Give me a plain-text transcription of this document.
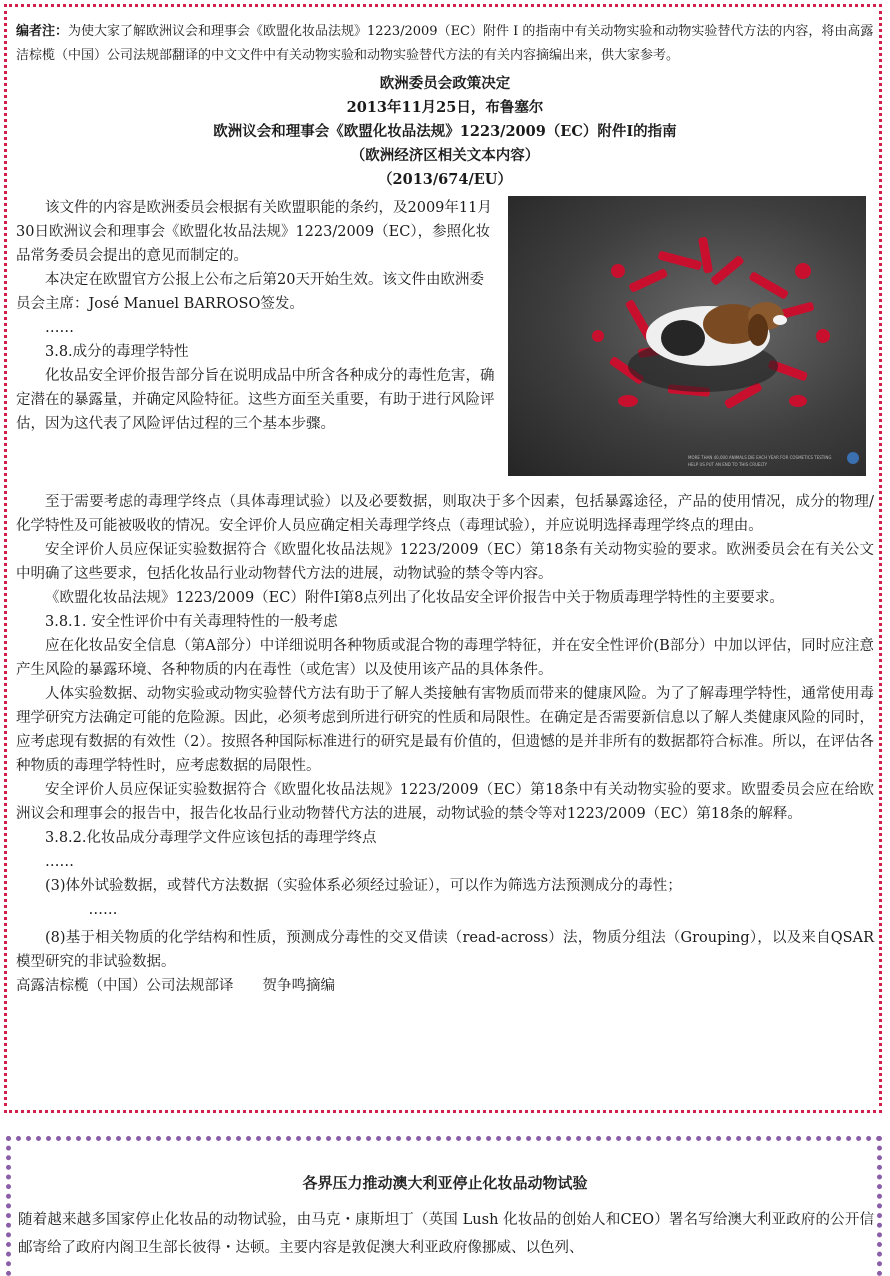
编者注：为使大家了解欧洲议会和理事会《欧盟化妆品法规》1223/2009（EC）附件 I 的指南中有关动物实验和动物实验替代方法的内容，将由高露洁棕榄（中国）公司法规部翻译的中文文件中有关动物实验和动物实验替代方法的有关内容摘编出来，供大家参考。

欧洲委员会政策决定

2013年11月25日，布鲁塞尔

欧洲议会和理事会《欧盟化妆品法规》1223/2009（EC）附件I的指南

（欧洲经济区相关文本内容）

（2013/674/EU）

该文件的内容是欧洲委员会根据有关欧盟职能的条约，及2009年11月30日欧洲议会和理事会《欧盟化妆品法规》1223/2009（EC），参照化妆品常务委员会提出的意见而制定的。

本决定在欧盟官方公报上公布之后第20天开始生效。该文件由欧洲委员会主席：José Manuel BARROSO签发。

……

3.8.成分的毒理学特性

化妆品安全评价报告部分旨在说明成品中所含各种成分的毒性危害，确定潜在的暴露量，并确定风险特征。这些方面至关重要，有助于进行风险评估，因为这代表了风险评估过程的三个基本步骤。

MORE THAN 40,000 ANIMALS DIE EACH YEAR FOR COSMETICS TESTING
HELP US PUT AN END TO THIS CRUELTY

至于需要考虑的毒理学终点（具体毒理试验）以及必要数据，则取决于多个因素，包括暴露途径，产品的使用情况，成分的物理/化学特性及可能被吸收的情况。安全评价人员应确定相关毒理学终点（毒理试验），并应说明选择毒理学终点的理由。

安全评价人员应保证实验数据符合《欧盟化妆品法规》1223/2009（EC）第18条有关动物实验的要求。欧洲委员会在有关公文中明确了这些要求，包括化妆品行业动物替代方法的进展，动物试验的禁令等内容。

《欧盟化妆品法规》1223/2009（EC）附件I第8点列出了化妆品安全评价报告中关于物质毒理学特性的主要要求。

3.8.1. 安全性评价中有关毒理特性的一般考虑

应在化妆品安全信息（第A部分）中详细说明各种物质或混合物的毒理学特征，并在安全性评价(B部分）中加以评估，同时应注意产生风险的暴露环境、各种物质的内在毒性（或危害）以及使用该产品的具体条件。

人体实验数据、动物实验或动物实验替代方法有助于了解人类接触有害物质而带来的健康风险。为了了解毒理学特性，通常使用毒理学研究方法确定可能的危险源。因此，必须考虑到所进行研究的性质和局限性。在确定是否需要新信息以了解人类健康风险的同时，应考虑现有数据的有效性（2）。按照各种国际标准进行的研究是最有价值的，但遗憾的是并非所有的数据都符合标准。所以，在评估各种物质的毒理学特性时，应考虑数据的局限性。

安全评价人员应保证实验数据符合《欧盟化妆品法规》1223/2009（EC）第18条中有关动物实验的要求。欧盟委员会应在给欧洲议会和理事会的报告中，报告化妆品行业动物替代方法的进展，动物试验的禁令等对1223/2009（EC）第18条的解释。

3.8.2.化妆品成分毒理学文件应该包括的毒理学终点

……

(3)体外试验数据，或替代方法数据（实验体系必须经过验证），可以作为筛选方法预测成分的毒性；

……

(8)基于相关物质的化学结构和性质，预测成分毒性的交叉借读（read-across）法，物质分组法（Grouping），以及来自QSAR模型研究的非试验数据。

高露洁棕榄（中国）公司法规部译　　贺争鸣摘编

各界压力推动澳大利亚停止化妆品动物试验
随着越来越多国家停止化妆品的动物试验，由马克・康斯坦丁（英国 Lush 化妆品的创始人和CEO）署名写给澳大利亚政府的公开信邮寄给了政府内阁卫生部长彼得・达顿。主要内容是敦促澳大利亚政府像挪威、以色列、
